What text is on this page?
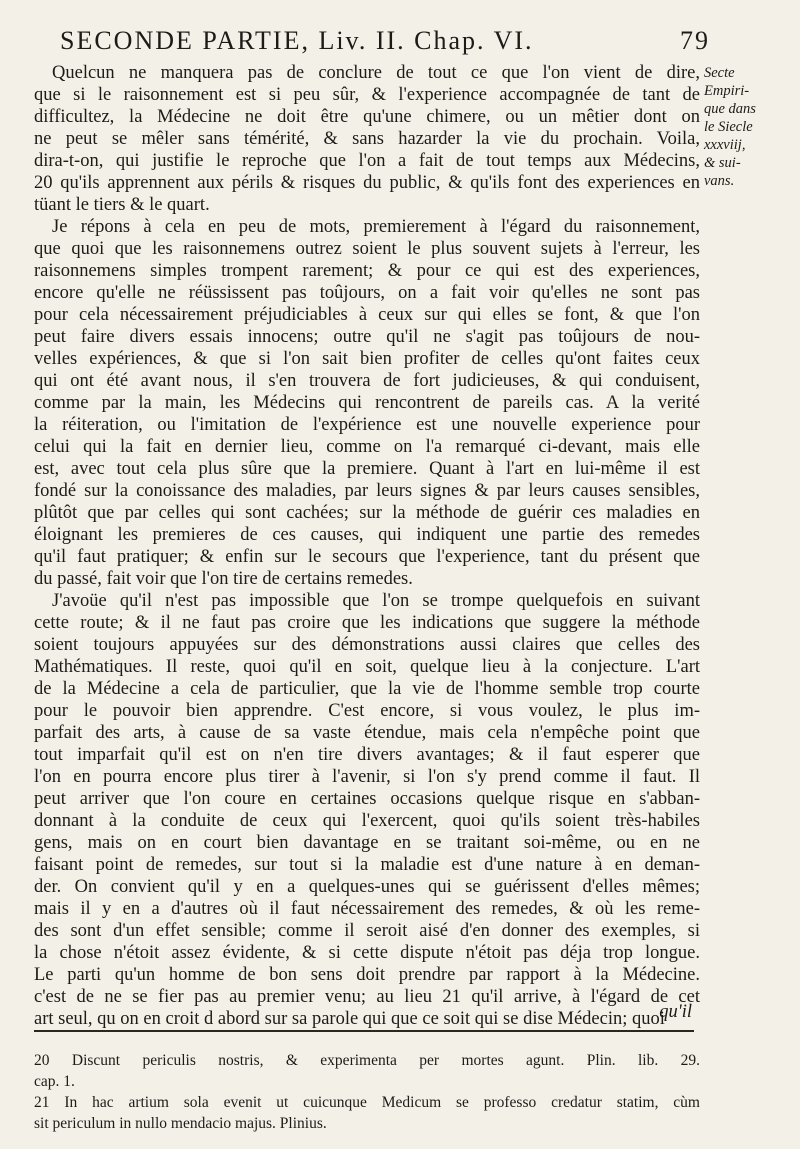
SECONDE PARTIE, Liv. II. Chap. VI.	79
Secte
Empiri-
que dans
le Siecle
xxxviij,
& sui-
vans.
Quelcun ne manquera pas de conclure de tout ce que l'on vient de dire,
que si le raisonnement est si peu sûr, & l'experience accompagnée de tant de
difficultez, la Médecine ne doit être qu'une chimere, ou un mêtier dont on
ne peut se mêler sans témérité, & sans hazarder la vie du prochain. Voila,
dira-t-on, qui justifie le reproche que l'on a fait de tout temps aux Médecins,
20 qu'ils apprennent aux périls & risques du public, & qu'ils font des experiences en
tüant le tiers & le quart.
Je répons à cela en peu de mots, premierement à l'égard du raisonnement,
que quoi que les raisonnemens outrez soient le plus souvent sujets à l'erreur, les
raisonnemens simples trompent rarement; & pour ce qui est des experiences,
encore qu'elle ne réüssissent pas toûjours, on a fait voir qu'elles ne sont pas
pour cela nécessairement préjudiciables à ceux sur qui elles se font, & que l'on
peut faire divers essais innocens; outre qu'il ne s'agit pas toûjours de nou-
velles expériences, & que si l'on sait bien profiter de celles qu'ont faites ceux
qui ont été avant nous, il s'en trouvera de fort judicieuses, & qui conduisent,
comme par la main, les Médecins qui rencontrent de pareils cas. A la verité
la réiteration, ou l'imitation de l'expérience est une nouvelle experience pour
celui qui la fait en dernier lieu, comme on l'a remarqué ci-devant, mais elle
est, avec tout cela plus sûre que la premiere. Quant à l'art en lui-même il est
fondé sur la conoissance des maladies, par leurs signes & par leurs causes sensibles,
plûtôt que par celles qui sont cachées; sur la méthode de guérir ces maladies en
éloignant les premieres de ces causes, qui indiquent une partie des remedes
qu'il faut pratiquer; & enfin sur le secours que l'experience, tant du présent que
du passé, fait voir que l'on tire de certains remedes.
J'avoüe qu'il n'est pas impossible que l'on se trompe quelquefois en suivant
cette route; & il ne faut pas croire que les indications que suggere la méthode
soient toujours appuyées sur des démonstrations aussi claires que celles des
Mathématiques. Il reste, quoi qu'il en soit, quelque lieu à la conjecture. L'art
de la Médecine a cela de particulier, que la vie de l'homme semble trop courte
pour le pouvoir bien apprendre. C'est encore, si vous voulez, le plus im-
parfait des arts, à cause de sa vaste étendue, mais cela n'empêche point que
tout imparfait qu'il est on n'en tire divers avantages; & il faut esperer que
l'on en pourra encore plus tirer à l'avenir, si l'on s'y prend comme il faut. Il
peut arriver que l'on coure en certaines occasions quelque risque en s'abban-
donnant à la conduite de ceux qui l'exercent, quoi qu'ils soient très-habiles
gens, mais on en court bien davantage en se traitant soi-même, ou en ne
faisant point de remedes, sur tout si la maladie est d'une nature à en deman-
der. On convient qu'il y en a quelques-unes qui se guérissent d'elles mêmes;
mais il y en a d'autres où il faut nécessairement des remedes, & où les reme-
des sont d'un effet sensible; comme il seroit aisé d'en donner des exemples, si
la chose n'étoit assez évidente, & si cette dispute n'étoit pas déja trop longue.
Le parti qu'un homme de bon sens doit prendre par rapport à la Médecine.
c'est de ne se fier pas au premier venu; au lieu 21 qu'il arrive, à l'égard de cet
art seul, qu on en croit d abord sur sa parole qui que ce soit qui se dise Médecin; quoi
qu'il
20 Discunt periculis nostris, & experimenta per mortes agunt. Plin. lib. 29.
cap. 1.
21 In hac artium sola evenit ut cuicunque Medicum se professo credatur statim, cùm
sit periculum in nullo mendacio majus. Plinius.
